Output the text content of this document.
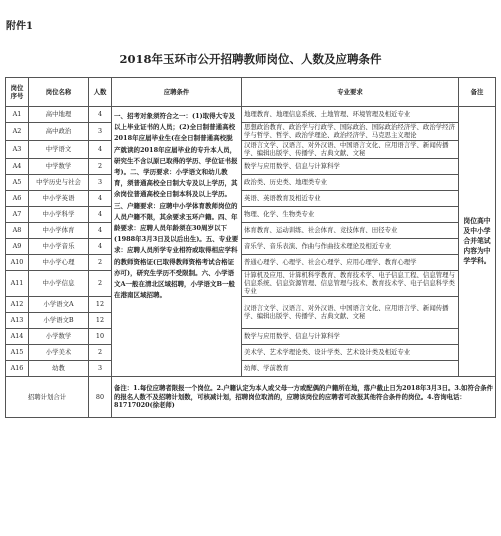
附件1
2018年玉环市公开招聘教师岗位、人数及应聘条件
岗位序号	岗位名称	人数	应聘条件	专业要求	备注
A1	高中地理	4	一、招考对象须符合之一：(1)取得大专及以上毕业证书的人员；(2)全日制普通高校2018年应届毕业生(在全日制普通高校脱产就读的2018年应届毕业的专升本人员，研究生不含以原已取得的学历、学位证书报考)。二、学历要求：小学语文和幼儿教育，须普通高校全日制大专及以上学历，其余岗位普通高校全日制本科及以上学历。三、户籍要求：应聘中小学体育教师岗位的人员户籍不限，其余要求玉环户籍。四、年龄要求：应聘人员年龄须在30周岁以下(1988年3月3日及以后出生)。五、专业要求：应聘人员所学专业相符或取得相应学科的教师资格证(已取得教师资格考试合格证亦可)，研究生学历不受限制。六、小学语文A一般在清北区域招聘，小学语文B一般在港南区域招聘。	地理教育、地理信息系统、土地管理、环境管理及相近专业	岗位高中及中小学合并笔试内容为中学学科。
A2	高中政治	3		思想政治教育、政治学与行政学、国际政治、国际政治经济学、政治学经济学与哲学、哲学、政治学理论、政治经济学、马克思主义理论	
A3	中学语文	4		汉语言文学、汉语言、对外汉语、中国语言文化、应用语言学、新闻传播学、编辑出版学、传播学、古典文献、文秘	
A4	中学数学	2		数学与应用数学、信息与计算科学	
A5	中学历史与社会	3		政治类、历史类、地理类专业	
A6	中小学英语	4		英语、英语教育及相近专业	
A7	中小学科学	4		物理、化学、生物类专业	
A8	中小学体育	4		体育教育、运动训练、社会体育、竞技体育、田径专业	
A9	中小学音乐	4		音乐学、音乐表演、作曲与作曲技术理论及相近专业	
A10	中小学心理	2		普通心理学、心理学、社会心理学、应用心理学、教育心理学	
A11	中小学信息	2		计算机及应用、计算机科学教育、教育技术学、电子信息工程、信息管理与信息系统、信息资源管理、信息管理与技术、教育技术学、电子信息科学类专业	
A12	小学语文A	12		汉语言文学、汉语言、对外汉语、中国语言文化、应用语言学、新闻传播学、编辑出版学、传播学、古典文献、文秘	
A13	小学语文B	12			
A14	小学数学	10		数学与应用数学、信息与计算科学	
A15	小学美术	2		美术学、艺术学理论类、设计学类、艺术设计类及相近专业	
A16	幼教	3		幼师、学前教育	
招聘计划合计		80	备注：1.每位应聘者限报一个岗位。2.户籍认定为本人或父母一方或配偶的户籍所在地，落户截止日为2018年3月3日。3.如符合条件的报名人数不及招聘计划数，可核减计划，招聘岗位取消的，应聘该岗位的应聘者可改报其他符合条件的岗位。4.咨询电话：81717020(徐老师)		
